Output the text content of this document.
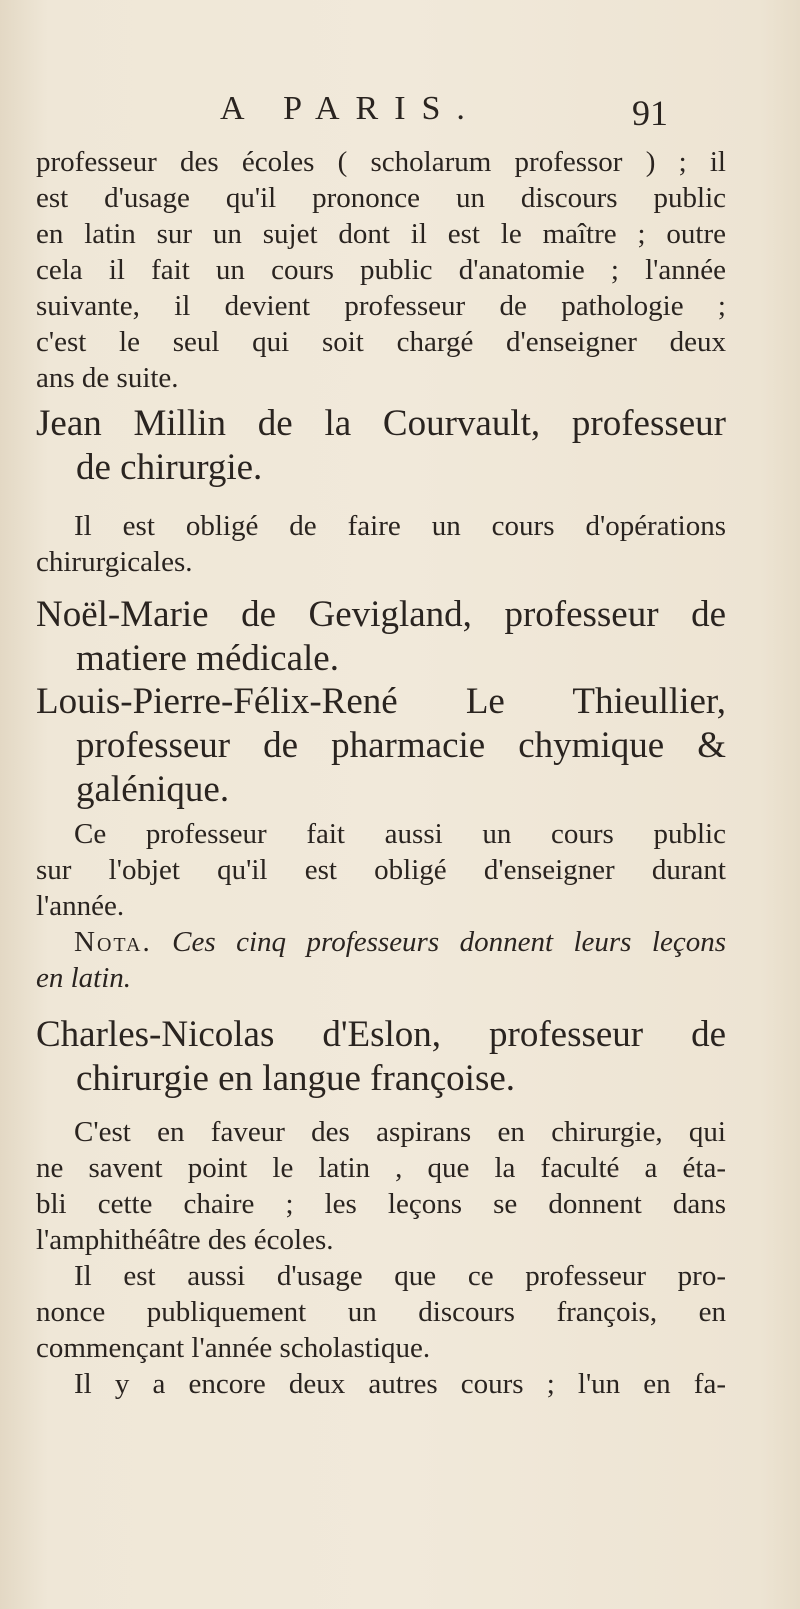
A PARIS.	91
professeur des écoles ( scholarum professor ) ; il
est d'usage qu'il prononce un discours public
en latin sur un sujet dont il est le maître ; outre
cela il fait un cours public d'anatomie ; l'année
suivante, il devient professeur de pathologie ;
c'est le seul qui soit chargé d'enseigner deux
ans de suite.
Jean Millin de la Courvault, professeur
de chirurgie.
Il est obligé de faire un cours d'opérations
chirurgicales.
Noël-Marie de Gevigland, professeur de
matiere médicale.
Louis-Pierre-Félix-René Le Thieullier,
professeur de pharmacie chymique &
galénique.
Ce professeur fait aussi un cours public
sur l'objet qu'il est obligé d'enseigner durant
l'année.
Nota. Ces cinq professeurs donnent leurs leçons
en latin.
Charles-Nicolas d'Eslon, professeur de
chirurgie en langue françoise.
C'est en faveur des aspirans en chirurgie, qui
ne savent point le latin , que la faculté a éta-
bli cette chaire ; les leçons se donnent dans
l'amphithéâtre des écoles.
Il est aussi d'usage que ce professeur pro-
nonce publiquement un discours françois, en
commençant l'année scholastique.
Il y a encore deux autres cours ; l'un en fa-
